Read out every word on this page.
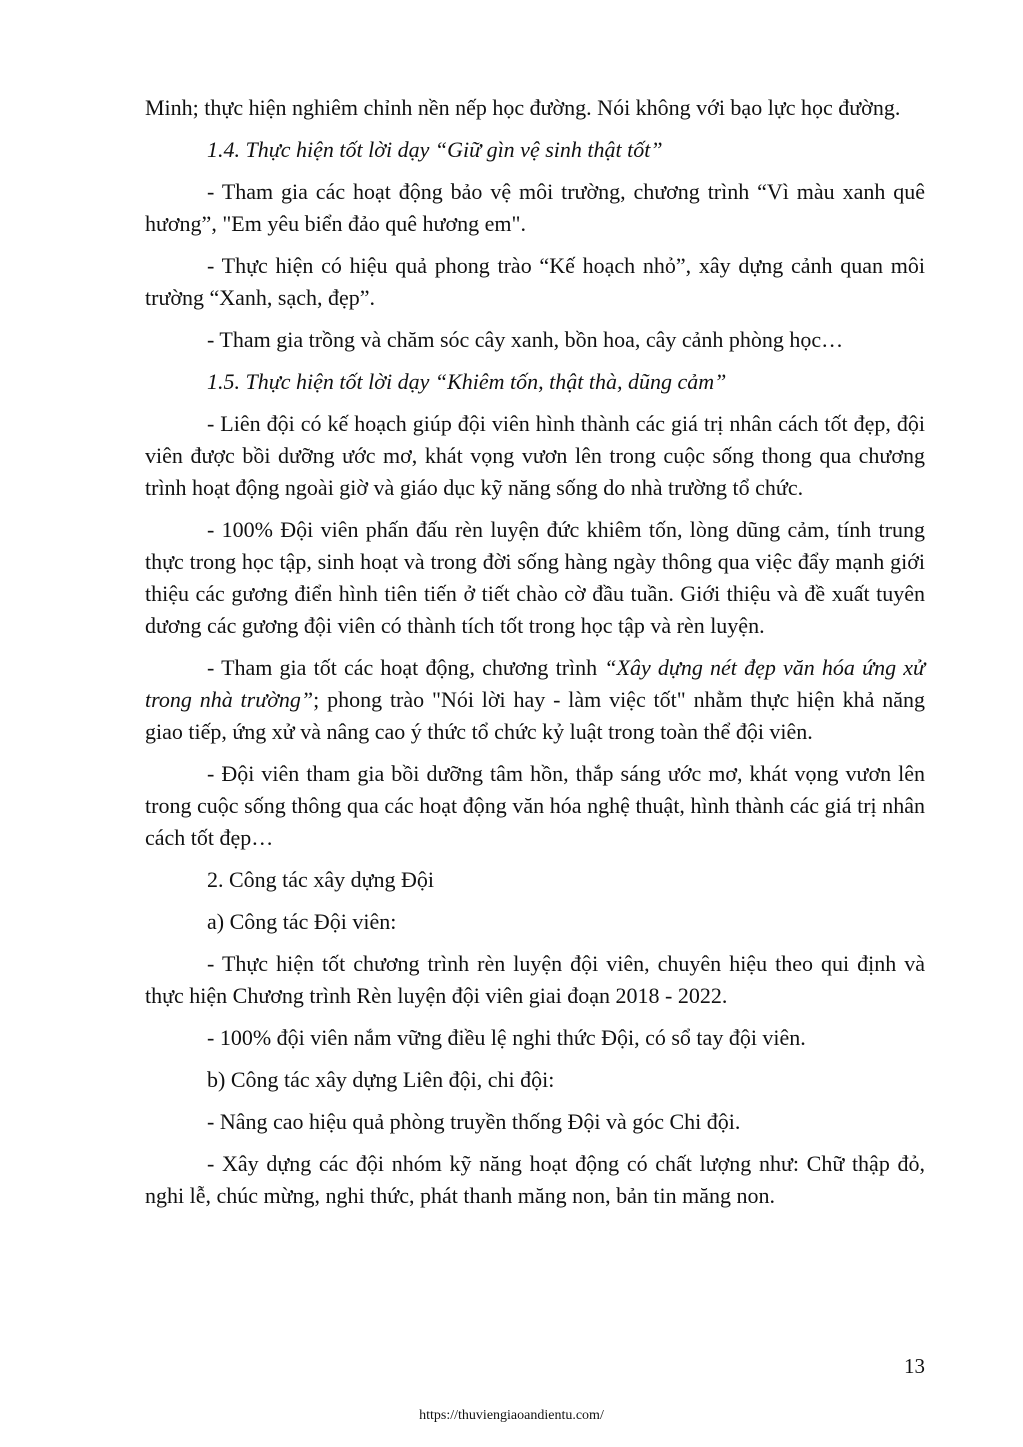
Minh; thực hiện nghiêm chỉnh nền nếp học đường. Nói không với bạo lực học đường.

1.4. Thực hiện tốt lời dạy “Giữ gìn vệ sinh thật tốt”

- Tham gia các hoạt động bảo vệ môi trường, chương trình “Vì màu xanh quê hương”, "Em yêu biển đảo quê hương em".

- Thực hiện có hiệu quả phong trào “Kế hoạch nhỏ”, xây dựng cảnh quan môi trường “Xanh, sạch, đẹp”.

- Tham gia trồng và chăm sóc cây xanh, bồn hoa, cây cảnh phòng học…

1.5. Thực hiện tốt lời dạy “Khiêm tốn, thật thà, dũng cảm”

- Liên đội có kế hoạch giúp đội viên hình thành các giá trị nhân cách tốt đẹp, đội viên được bồi dưỡng ước mơ, khát vọng vươn lên trong cuộc sống thong qua chương trình hoạt động ngoài giờ và giáo dục kỹ năng sống do nhà trường tổ chức.

- 100% Đội viên phấn đấu rèn luyện đức khiêm tốn, lòng dũng cảm, tính trung thực trong học tập, sinh hoạt và trong đời sống hàng ngày thông qua việc đẩy mạnh giới thiệu các gương điển hình tiên tiến ở tiết chào cờ đầu tuần. Giới thiệu và đề xuất tuyên dương các gương đội viên có thành tích tốt trong học tập và rèn luyện.

- Tham gia tốt các hoạt động, chương trình “Xây dựng nét đẹp văn hóa ứng xử trong nhà trường”; phong trào "Nói lời hay - làm việc tốt" nhằm thực hiện khả năng giao tiếp, ứng xử và nâng cao ý thức tổ chức kỷ luật trong toàn thể đội viên.

- Đội viên tham gia bồi dưỡng tâm hồn, thắp sáng ước mơ, khát vọng vươn lên trong cuộc sống thông qua các hoạt động văn hóa nghệ thuật, hình thành các giá trị nhân cách tốt đẹp…

2. Công tác xây dựng Đội

a) Công tác Đội viên:

- Thực hiện tốt chương trình rèn luyện đội viên, chuyên hiệu theo qui định và thực hiện Chương trình Rèn luyện đội viên giai đoạn 2018 - 2022.

- 100% đội viên nắm vững điều lệ nghi thức Đội, có sổ tay đội viên.

b) Công tác xây dựng Liên đội, chi đội:

- Nâng cao hiệu quả phòng truyền thống Đội và góc Chi đội.

- Xây dựng các đội nhóm kỹ năng hoạt động có chất lượng như: Chữ thập đỏ, nghi lễ, chúc mừng, nghi thức, phát thanh măng non, bản tin măng non.

13
https://thuviengiaoandientu.com/
